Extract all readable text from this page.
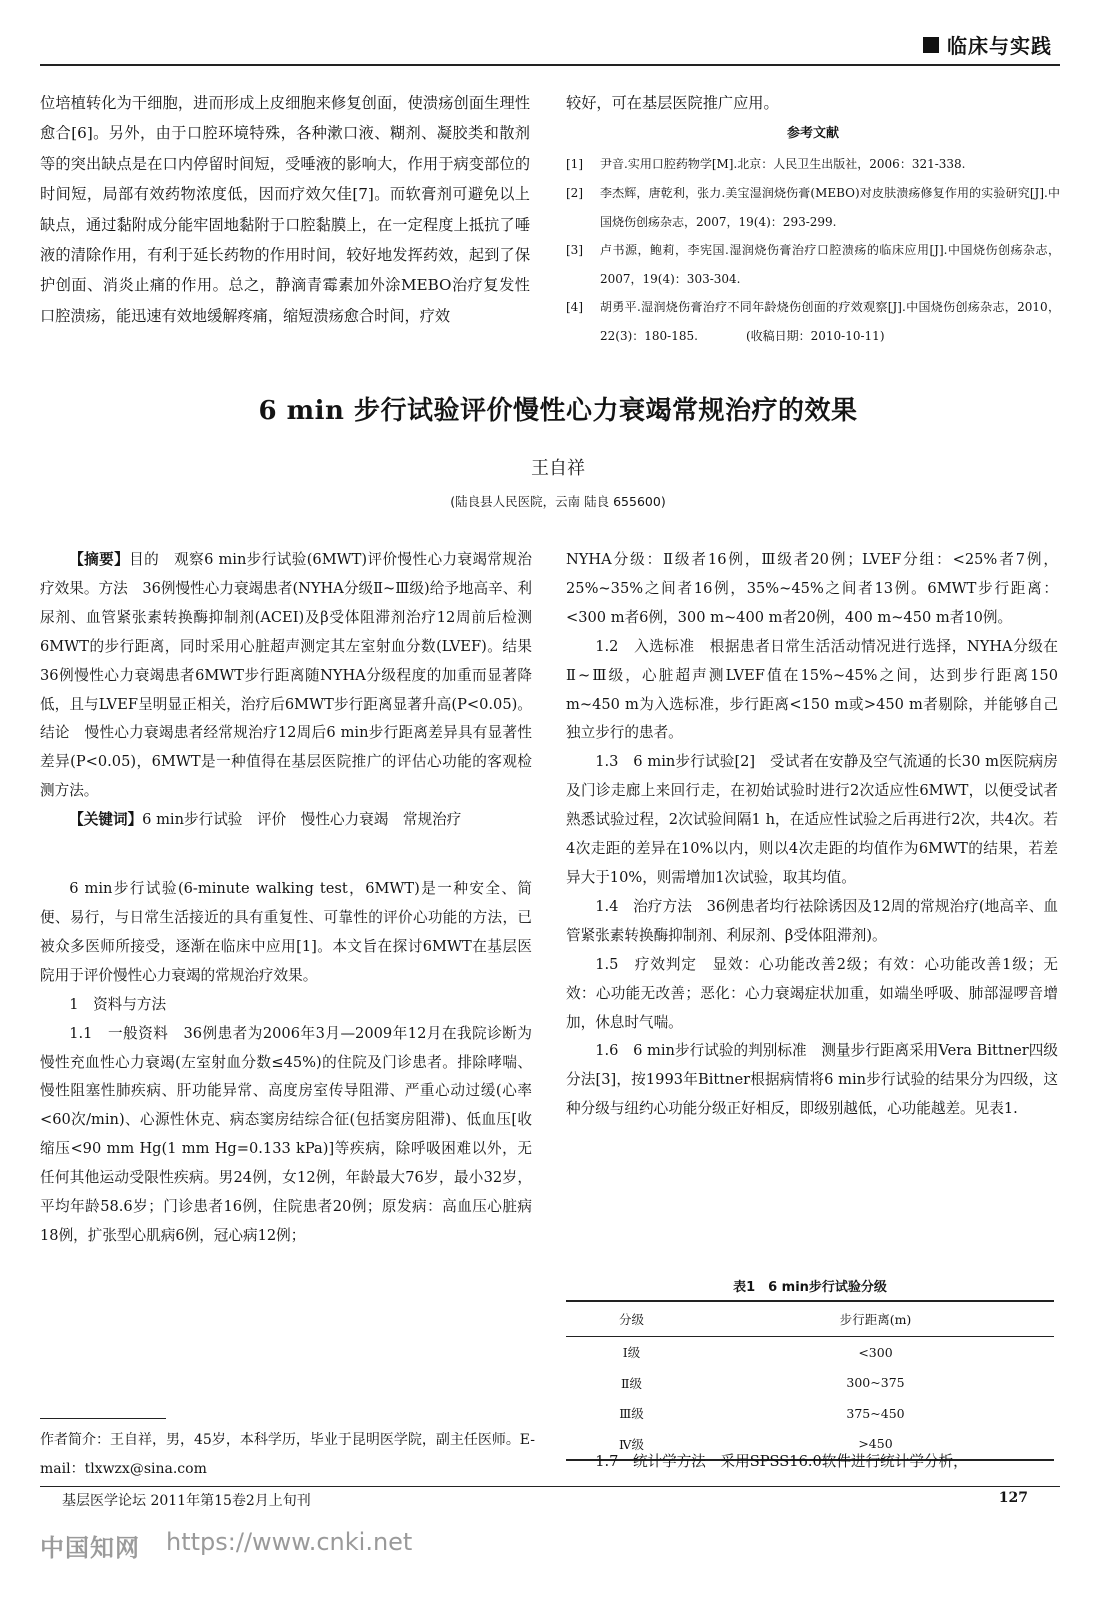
临床与实践

位培植转化为干细胞，进而形成上皮细胞来修复创面，使溃疡创面生理性愈合[6]。另外，由于口腔环境特殊，各种漱口液、糊剂、凝胶类和散剂等的突出缺点是在口内停留时间短，受唾液的影响大，作用于病变部位的时间短，局部有效药物浓度低，因而疗效欠佳[7]。而软膏剂可避免以上缺点，通过黏附成分能牢固地黏附于口腔黏膜上，在一定程度上抵抗了唾液的清除作用，有利于延长药物的作用时间，较好地发挥药效，起到了保护创面、消炎止痛的作用。总之，静滴青霉素加外涂MEBO治疗复发性口腔溃疡，能迅速有效地缓解疼痛，缩短溃疡愈合时间，疗效

较好，可在基层医院推广应用。

参考文献
[1]	尹音.实用口腔药物学[M].北京：人民卫生出版社，2006：321-338.
[2]	李杰辉，唐乾利，张力.美宝湿润烧伤膏(MEBO)对皮肤溃疡修复作用的实验研究[J].中国烧伤创疡杂志，2007，19(4)：293-299.
[3]	卢书源，鲍莉，李宪国.湿润烧伤膏治疗口腔溃疡的临床应用[J].中国烧伤创疡杂志，2007，19(4)：303-304.
[4]	胡勇平.湿润烧伤膏治疗不同年龄烧伤创面的疗效观察[J].中国烧伤创疡杂志，2010，22(3)：180-185.　　　　(收稿日期：2010-10-11)
6 min 步行试验评价慢性心力衰竭常规治疗的效果
王自祥
(陆良县人民医院，云南 陆良 655600)

【摘要】目的　观察6 min步行试验(6MWT)评价慢性心力衰竭常规治疗效果。方法　36例慢性心力衰竭患者(NYHA分级Ⅱ~Ⅲ级)给予地高辛、利尿剂、血管紧张素转换酶抑制剂(ACEI)及β受体阻滞剂治疗12周前后检测6MWT的步行距离，同时采用心脏超声测定其左室射血分数(LVEF)。结果　36例慢性心力衰竭患者6MWT步行距离随NYHA分级程度的加重而显著降低，且与LVEF呈明显正相关，治疗后6MWT步行距离显著升高(P<0.05)。结论　慢性心力衰竭患者经常规治疗12周后6 min步行距离差异具有显著性差异(P<0.05)，6MWT是一种值得在基层医院推广的评估心功能的客观检测方法。

【关键词】6 min步行试验　评价　慢性心力衰竭　常规治疗

6 min步行试验(6-minute walking test，6MWT)是一种安全、简便、易行，与日常生活接近的具有重复性、可靠性的评价心功能的方法，已被众多医师所接受，逐渐在临床中应用[1]。本文旨在探讨6MWT在基层医院用于评价慢性心力衰竭的常规治疗效果。

1　资料与方法

1.1　一般资料　36例患者为2006年3月—2009年12月在我院诊断为慢性充血性心力衰竭(左室射血分数≤45%)的住院及门诊患者。排除哮喘、慢性阻塞性肺疾病、肝功能异常、高度房室传导阻滞、严重心动过缓(心率<60次/min)、心源性休克、病态窦房结综合征(包括窦房阻滞)、低血压[收缩压<90 mm Hg(1 mm Hg=0.133 kPa)]等疾病，除呼吸困难以外，无任何其他运动受限性疾病。男24例，女12例，年龄最大76岁，最小32岁，平均年龄58.6岁；门诊患者16例，住院患者20例；原发病：高血压心脏病18例，扩张型心肌病6例，冠心病12例；

NYHA分级：Ⅱ级者16例，Ⅲ级者20例；LVEF分组：<25%者7例，25%~35%之间者16例，35%~45%之间者13例。6MWT步行距离：<300 m者6例，300 m~400 m者20例，400 m~450 m者10例。

1.2　入选标准　根据患者日常生活活动情况进行选择，NYHA分级在Ⅱ~Ⅲ级，心脏超声测LVEF值在15%~45%之间，达到步行距离150 m~450 m为入选标准，步行距离<150 m或>450 m者剔除，并能够自己独立步行的患者。

1.3　6 min步行试验[2]　受试者在安静及空气流通的长30 m医院病房及门诊走廊上来回行走，在初始试验时进行2次适应性6MWT，以便受试者熟悉试验过程，2次试验间隔1 h，在适应性试验之后再进行2次，共4次。若4次走距的差异在10%以内，则以4次走距的均值作为6MWT的结果，若差异大于10%，则需增加1次试验，取其均值。

1.4　治疗方法　36例患者均行祛除诱因及12周的常规治疗(地高辛、血管紧张素转换酶抑制剂、利尿剂、β受体阻滞剂)。

1.5　疗效判定　显效：心功能改善2级；有效：心功能改善1级；无效：心功能无改善；恶化：心力衰竭症状加重，如端坐呼吸、肺部湿啰音增加，休息时气喘。

1.6　6 min步行试验的判别标准　测量步行距离采用Vera Bittner四级分法[3]，按1993年Bittner根据病情将6 min步行试验的结果分为四级，这种分级与纽约心功能分级正好相反，即级别越低，心功能越差。见表1.

表1　6 min步行试验分级
分级	步行距离(m)
Ⅰ级	<300
Ⅱ级	300~375
Ⅲ级	375~450
Ⅳ级	>450

1.7　统计学方法　采用SPSS16.0软件进行统计学分析，

作者简介：王自祥，男，45岁，本科学历，毕业于昆明医学院，副主任医师。E-mail：tlxwzx@sina.com
基层医学论坛 2011年第15卷2月上旬刊	127
中国知网 https://www.cnki.net
